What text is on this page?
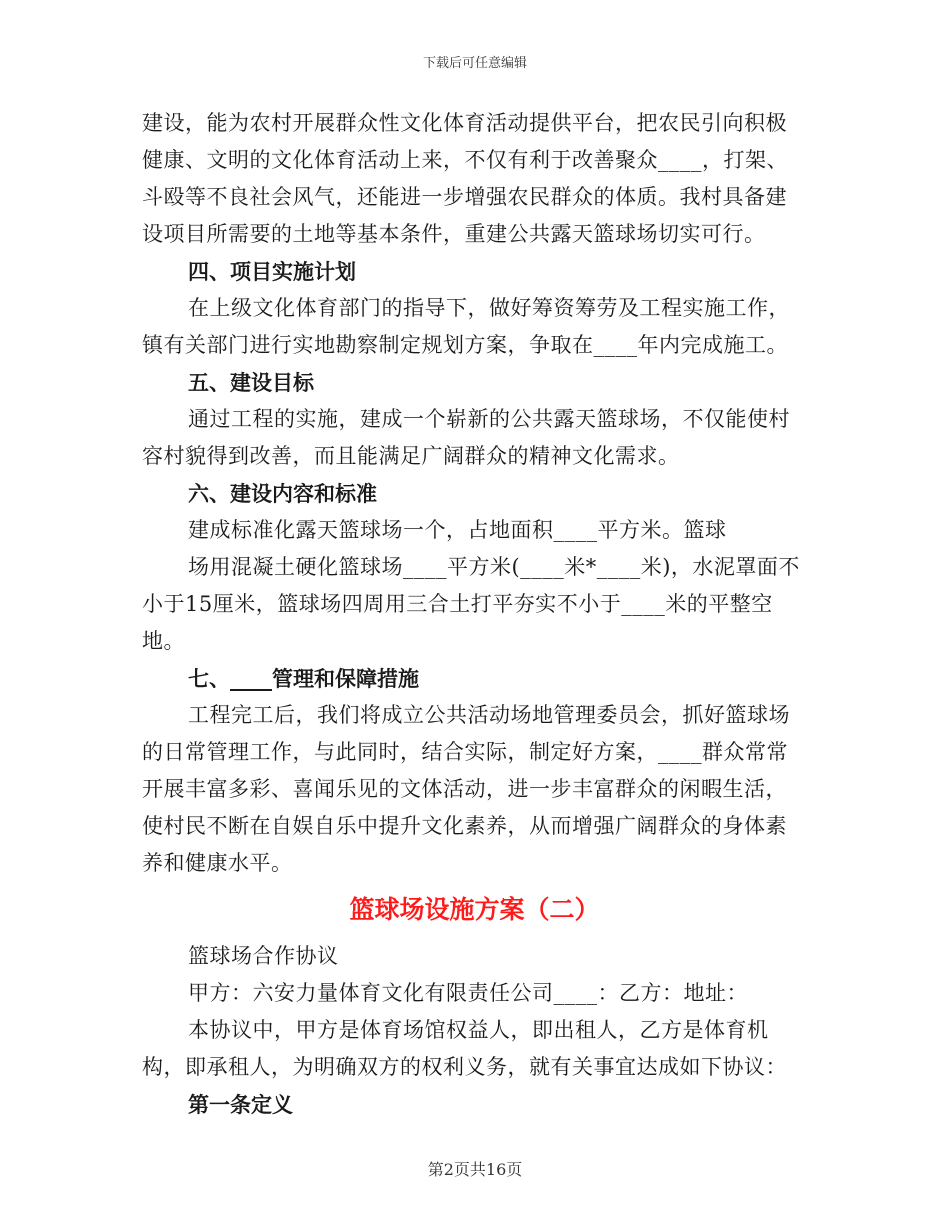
下载后可任意编辑

建设，能为农村开展群众性文化体育活动提供平台，把农民引向积极健康、文明的文化体育活动上来，不仅有利于改善聚众____，打架、斗殴等不良社会风气，还能进一步增强农民群众的体质。我村具备建设项目所需要的土地等基本条件，重建公共露天篮球场切实可行。

四、项目实施计划

在上级文化体育部门的指导下，做好筹资筹劳及工程实施工作，镇有关部门进行实地勘察制定规划方案，争取在____年内完成施工。

五、建设目标

通过工程的实施，建成一个崭新的公共露天篮球场，不仅能使村容村貌得到改善，而且能满足广阔群众的精神文化需求。

六、建设内容和标准

建成标准化露天篮球场一个，占地面积____平方米。篮球

场用混凝土硬化篮球场____平方米(____米*____米)，水泥罩面不小于15厘米，篮球场四周用三合土打平夯实不小于____米的平整空地。

七、____管理和保障措施

工程完工后，我们将成立公共活动场地管理委员会，抓好篮球场的日常管理工作，与此同时，结合实际，制定好方案，____群众常常开展丰富多彩、喜闻乐见的文体活动，进一步丰富群众的闲暇生活，使村民不断在自娱自乐中提升文化素养，从而增强广阔群众的身体素养和健康水平。

篮球场设施方案（二）

篮球场合作协议

甲方：六安力量体育文化有限责任公司____：乙方：地址：

本协议中，甲方是体育场馆权益人，即出租人，乙方是体育机构，即承租人，为明确双方的权利义务，就有关事宜达成如下协议：

第一条定义

第2页共16页
